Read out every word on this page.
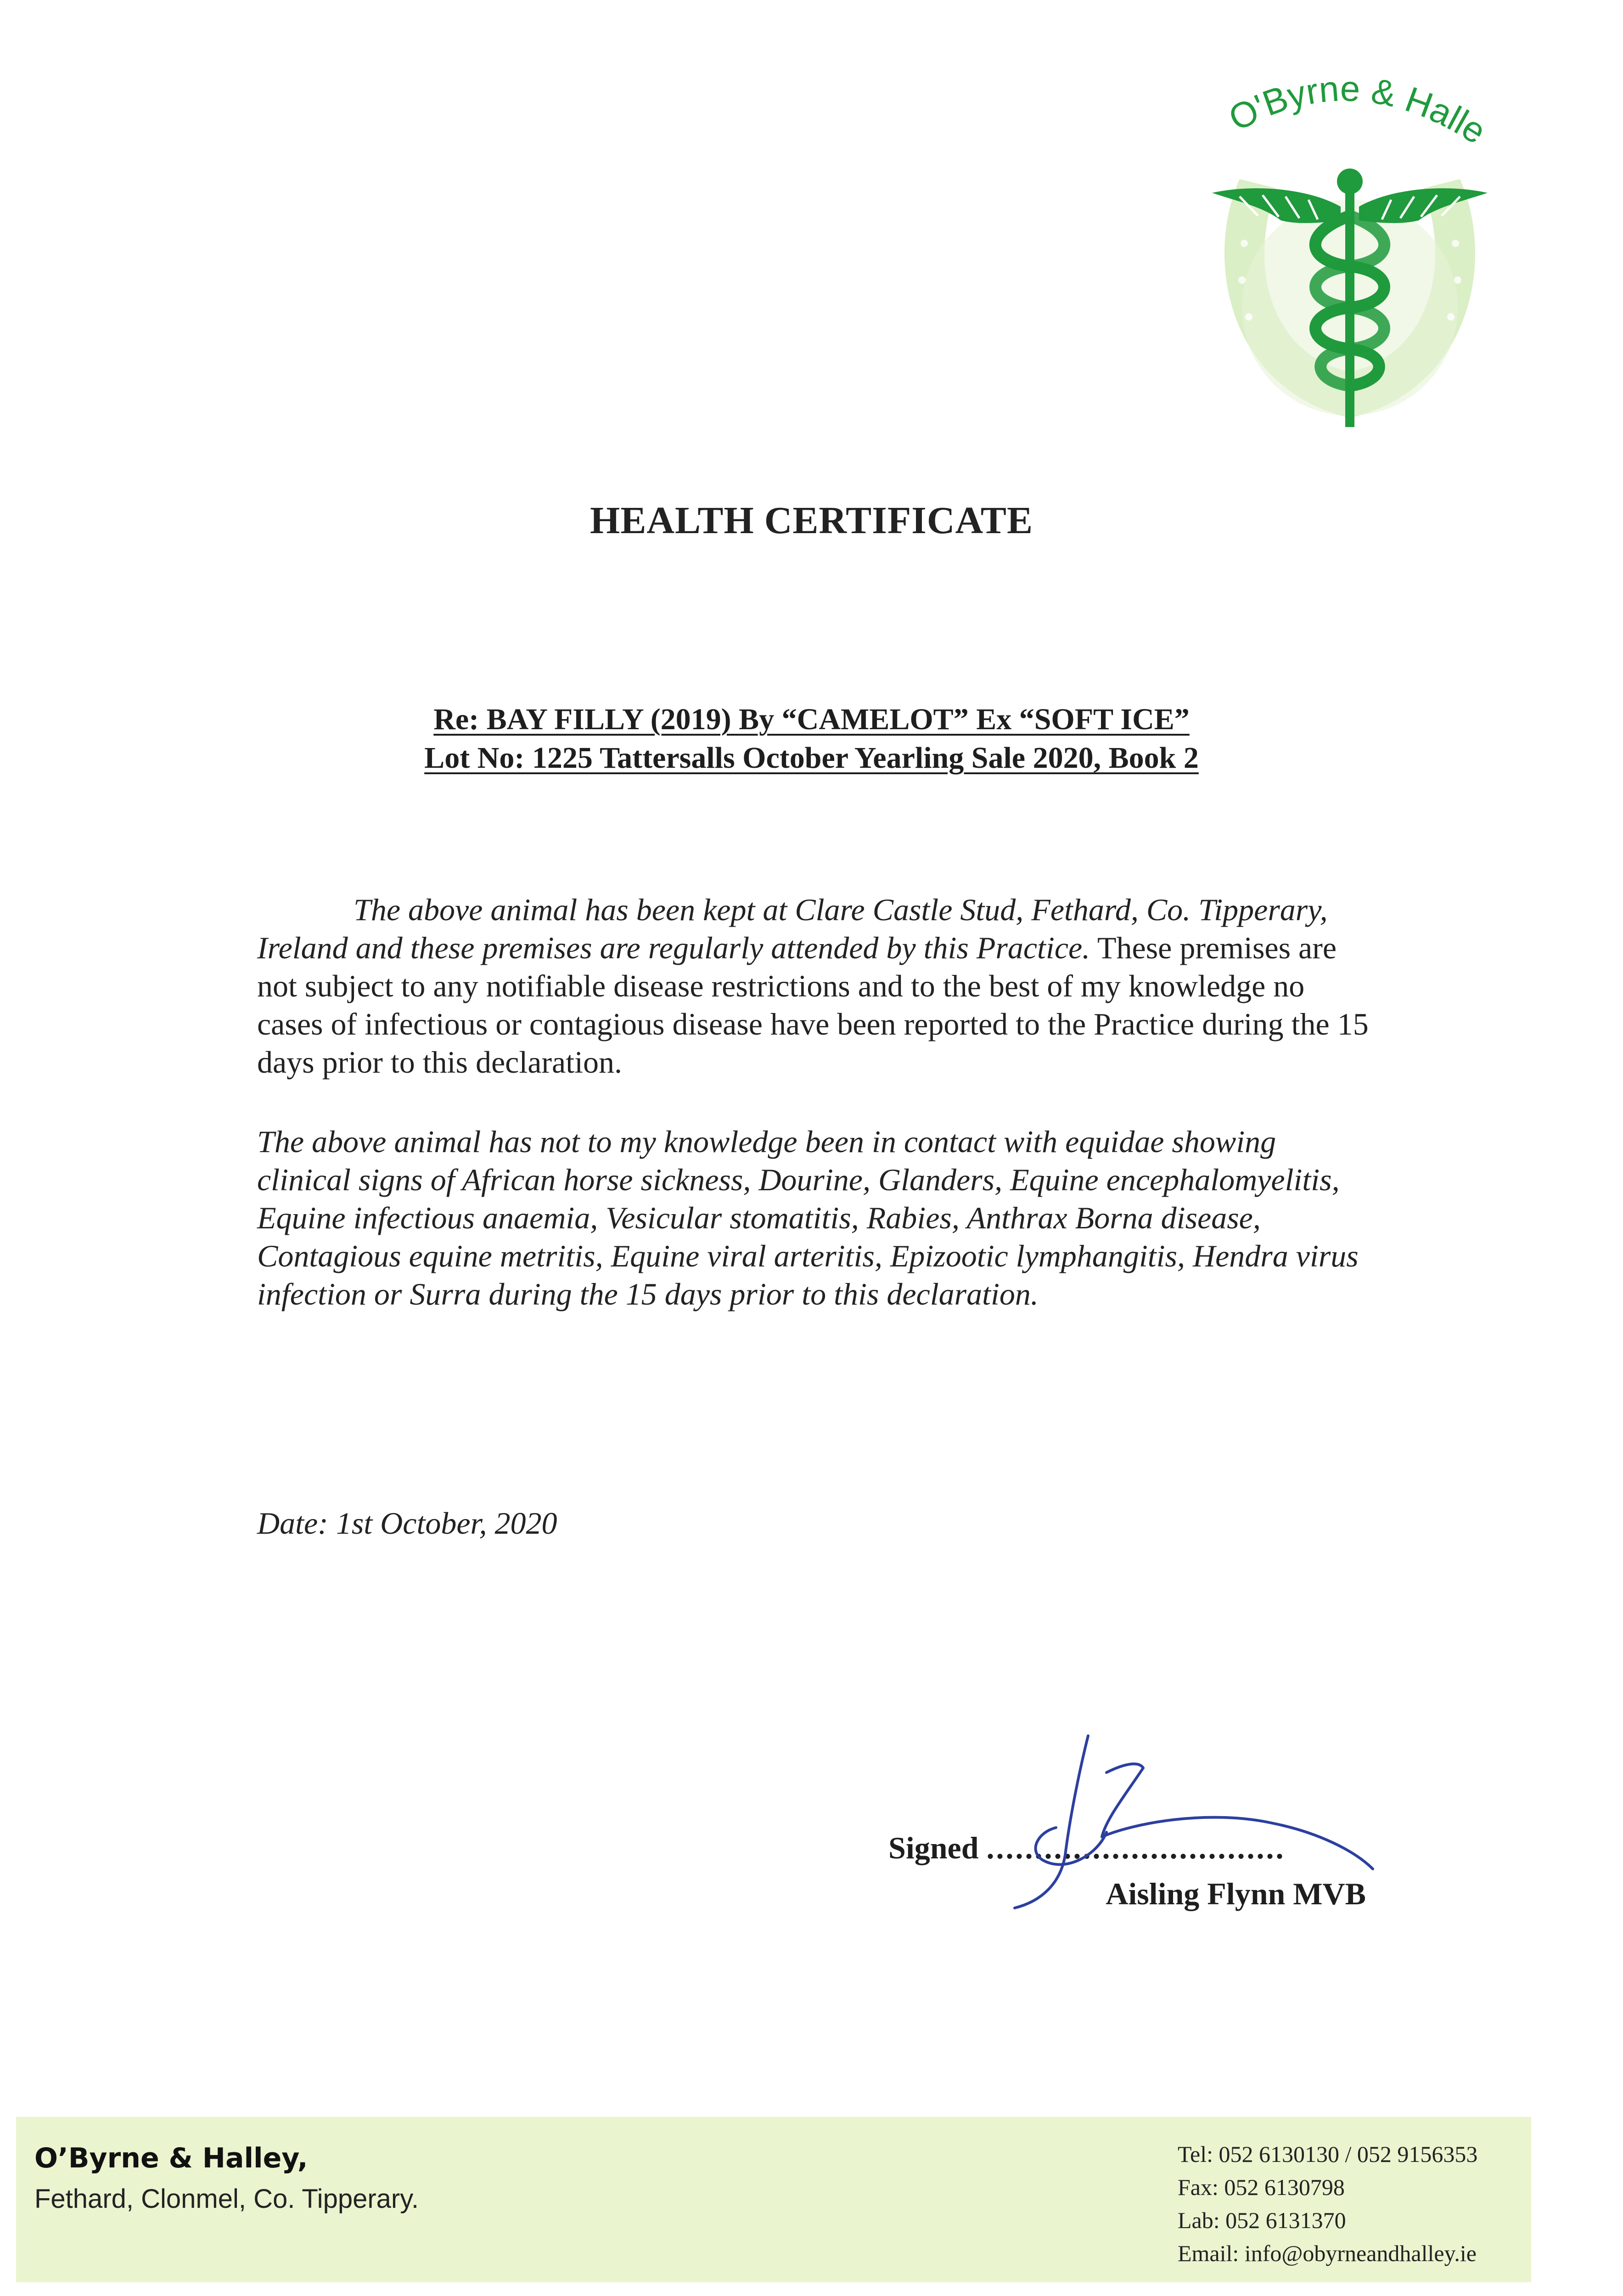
O'Byrne & Halle
HEALTH CERTIFICATE
Re: BAY FILLY (2019) By “CAMELOT” Ex “SOFT ICE”
Lot No: 1225 Tattersalls October Yearling Sale 2020, Book 2
The above animal has been kept at Clare Castle Stud, Fethard, Co. Tipperary, Ireland and these premises are regularly attended by this Practice. These premises are not subject to any notifiable disease restrictions and to the best of my knowledge no cases of infectious or contagious disease have been reported to the Practice during the 15 days prior to this declaration.
The above animal has not to my knowledge been in contact with equidae showing clinical signs of African horse sickness, Dourine, Glanders, Equine encephalomyelitis, Equine infectious anaemia, Vesicular stomatitis, Rabies, Anthrax Borna disease, Contagious equine metritis, Equine viral arteritis, Epizootic lymphangitis, Hendra virus infection or Surra during the 15 days prior to this declaration.
Date: 1st October, 2020
Signed ...............................
Aisling Flynn MVB
O’Byrne & Halley,
Fethard, Clonmel, Co. Tipperary.
Tel: 052 6130130 / 052 9156353
Fax: 052 6130798
Lab: 052 6131370
Email: info@obyrneandhalley.ie
